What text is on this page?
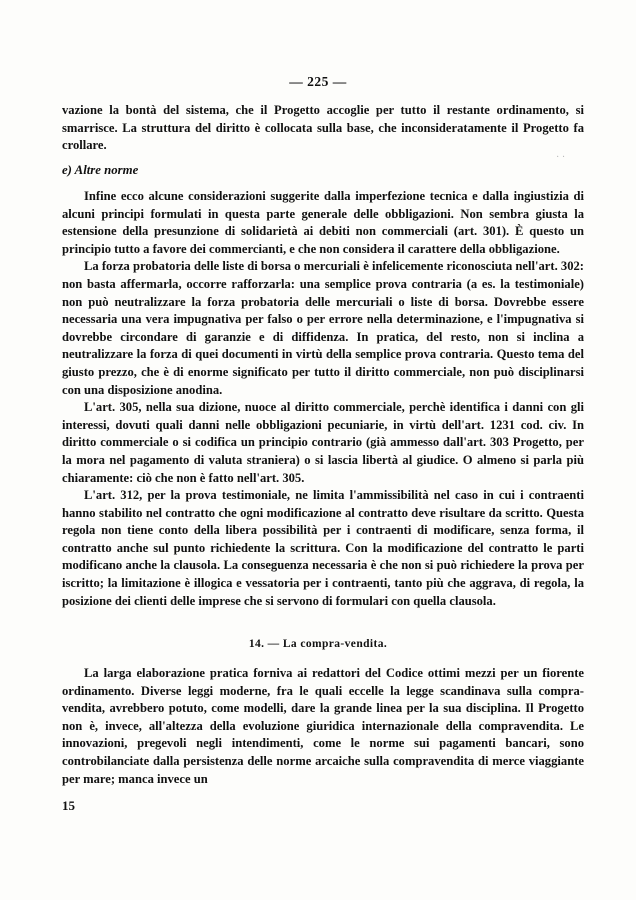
— 225 —

vazione la bontà del sistema, che il Progetto accoglie per tutto il restante ordinamento, si smarrisce. La struttura del diritto è collocata sulla base, che inconsideratamente il Progetto fa crollare.

e) Altre norme
· ·

Infine ecco alcune considerazioni suggerite dalla imperfezione tecnica e dalla ingiustizia di alcuni principi formulati in questa parte generale delle obbligazioni. Non sembra giusta la estensione della presunzione di solidarietà ai debiti non commerciali (art. 301). È questo un principio tutto a favore dei commercianti, e che non considera il carattere della obbligazione.

La forza probatoria delle liste di borsa o mercuriali è infelicemente riconosciuta nell'art. 302: non basta affermarla, occorre rafforzarla: una semplice prova contraria (a es. la testimoniale) non può neutralizzare la forza probatoria delle mercuriali o liste di borsa. Dovrebbe essere necessaria una vera impugnativa per falso o per errore nella determinazione, e l'impugnativa si dovrebbe circondare di garanzie e di diffidenza. In pratica, del resto, non si inclina a neutralizzare la forza di quei documenti in virtù della semplice prova contraria. Questo tema del giusto prezzo, che è di enorme significato per tutto il diritto commerciale, non può disciplinarsi con una disposizione anodina.

L'art. 305, nella sua dizione, nuoce al diritto commerciale, perchè identifica i danni con gli interessi, dovuti quali danni nelle obbligazioni pecuniarie, in virtù dell'art. 1231 cod. civ. In diritto commerciale o si codifica un principio contrario (già ammesso dall'art. 303 Progetto, per la mora nel pagamento di valuta straniera) o si lascia libertà al giudice. O almeno si parla più chiaramente: ciò che non è fatto nell'art. 305.

L'art. 312, per la prova testimoniale, ne limita l'ammissibilità nel caso in cui i contraenti hanno stabilito nel contratto che ogni modificazione al contratto deve risultare da scritto. Questa regola non tiene conto della libera possibilità per i contraenti di modificare, senza forma, il contratto anche sul punto richiedente la scrittura. Con la modificazione del contratto le parti modificano anche la clausola. La conseguenza necessaria è che non si può richiedere la prova per iscritto; la limitazione è illogica e vessatoria per i contraenti, tanto più che aggrava, di regola, la posizione dei clienti delle imprese che si servono di formulari con quella clausola.

14. — La compra-vendita.

La larga elaborazione pratica forniva ai redattori del Codice ottimi mezzi per un fiorente ordinamento. Diverse leggi moderne, fra le quali eccelle la legge scandinava sulla compra-vendita, avrebbero potuto, come modelli, dare la grande linea per la sua disciplina. Il Progetto non è, invece, all'altezza della evoluzione giuridica internazionale della compravendita. Le innovazioni, pregevoli negli intendimenti, come le norme sui pagamenti bancari, sono controbilanciate dalla persistenza delle norme arcaiche sulla compravendita di merce viaggiante per mare; manca invece un

15
